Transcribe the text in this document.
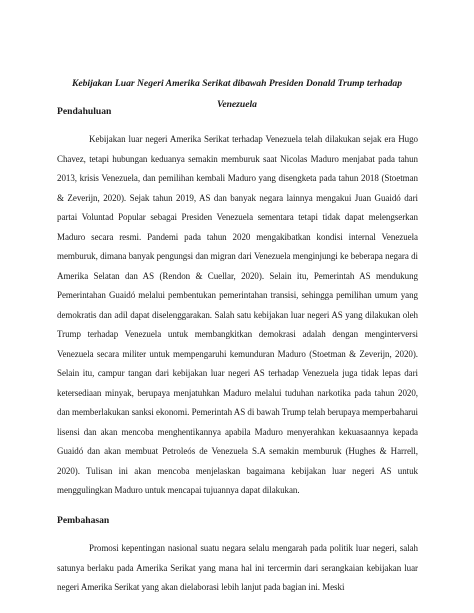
Kebijakan Luar Negeri Amerika Serikat dibawah Presiden Donald Trump terhadap Venezuela

Pendahuluan

Kebijakan luar negeri Amerika Serikat terhadap Venezuela telah dilakukan sejak era Hugo Chavez, tetapi hubungan keduanya semakin memburuk saat Nicolas Maduro menjabat pada tahun 2013, krisis Venezuela, dan pemilihan kembali Maduro yang disengketa pada tahun 2018 (Stoetman & Zeverijn, 2020). Sejak tahun 2019, AS dan banyak negara lainnya mengakui Juan Guaidó dari partai Voluntad Popular sebagai Presiden Venezuela sementara tetapi tidak dapat melengserkan Maduro secara resmi. Pandemi pada tahun 2020 mengakibatkan kondisi internal Venezuela memburuk, dimana banyak pengungsi dan migran dari Venezuela menginjungi ke beberapa negara di Amerika Selatan dan AS (Rendon & Cuellar, 2020). Selain itu, Pemerintah AS mendukung Pemerintahan Guaidó melalui pembentukan pemerintahan transisi, sehingga pemilihan umum yang demokratis dan adil dapat diselenggarakan. Salah satu kebijakan luar negeri AS yang dilakukan oleh Trump terhadap Venezuela untuk membangkitkan demokrasi adalah dengan menginterversi Venezuela secara militer untuk mempengaruhi kemunduran Maduro (Stoetman & Zeverijn, 2020). Selain itu, campur tangan dari kebijakan luar negeri AS terhadap Venezuela juga tidak lepas dari ketersediaan minyak, berupaya menjatuhkan Maduro melalui tuduhan narkotika pada tahun 2020, dan memberlakukan sanksi ekonomi. Pemerintah AS di bawah Trump telah berupaya memperbaharui lisensi dan akan mencoba menghentikannya apabila Maduro menyerahkan kekuasaannya kepada Guaidó dan akan membuat Petroleós de Venezuela S.A semakin memburuk (Hughes & Harrell, 2020). Tulisan ini akan mencoba menjelaskan bagaimana kebijakan luar negeri AS untuk menggulingkan Maduro untuk mencapai tujuannya dapat dilakukan.

Pembahasan

Promosi kepentingan nasional suatu negara selalu mengarah pada politik luar negeri, salah satunya berlaku pada Amerika Serikat yang mana hal ini tercermin dari serangkaian kebijakan luar negeri Amerika Serikat yang akan dielaborasi lebih lanjut pada bagian ini. Meski
